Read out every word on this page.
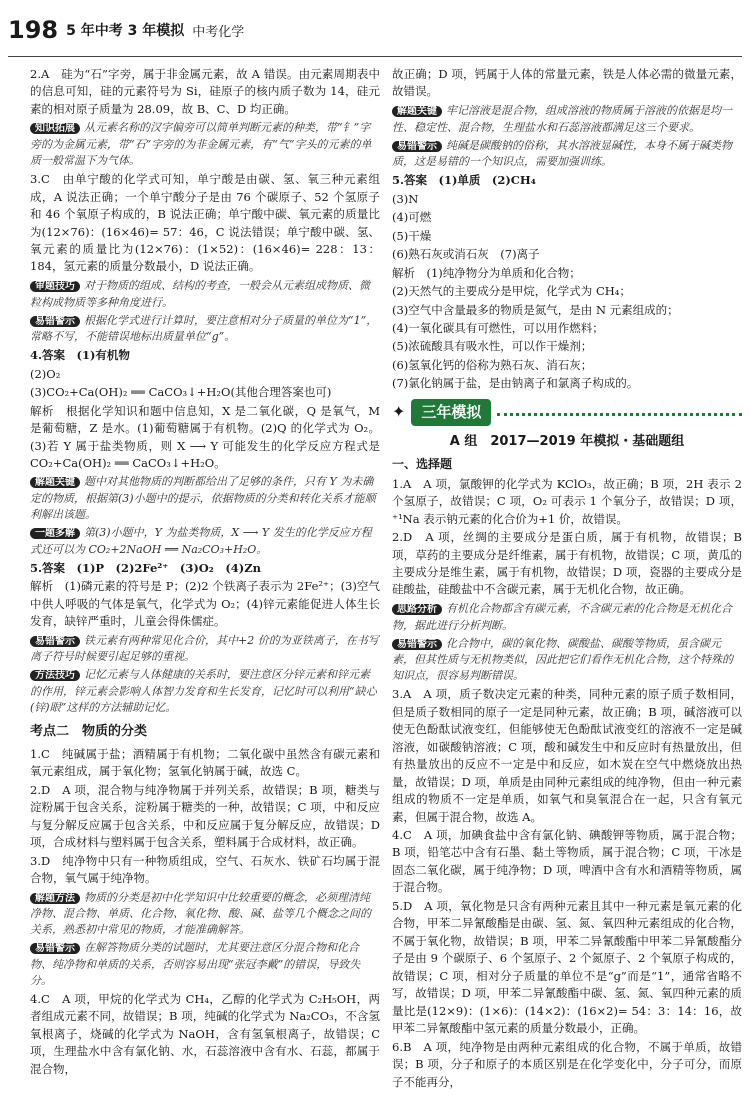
198 5 年中考 3 年模拟 中考化学

2.A　硅为“石”字旁，属于非金属元素，故 A 错误。由元素周期表中的信息可知，硅的元素符号为 Si，硅原子的核内质子数为 14，硅元素的相对原子质量为 28.09，故 B、C、D 均正确。

知识拓展 从元素名称的汉字偏旁可以简单判断元素的种类，带“钅”字旁的为金属元素，带“石”字旁的为非金属元素，有“气”字头的元素的单质一般常温下为气体。

3.C　由单宁酸的化学式可知，单宁酸是由碳、氢、氧三种元素组成，A 说法正确；一个单宁酸分子是由 76 个碳原子、52 个氢原子和 46 个氧原子构成的，B 说法正确；单宁酸中碳、氧元素的质量比为(12×76)：(16×46)= 57：46，C 说法错误；单宁酸中碳、氢、氧元素的质量比为(12×76)：(1×52)：(16×46)= 228：13：184，氢元素的质量分数最小，D 说法正确。

审题技巧 对于物质的组成、结构的考查，一般会从元素组成物质、微粒构成物质等多种角度进行。
易错警示 根据化学式进行计算时，要注意相对分子质量的单位为“1”，常略不写，不能错误地标出质量单位“g”。

4.答案　(1)有机物

(2)O₂

(3)CO₂+Ca(OH)₂ ══ CaCO₃↓+H₂O(其他合理答案也可)

解析　根据化学知识和题中信息知，X 是二氧化碳，Q 是氧气，M 是葡萄糖，Z 是水。(1)葡萄糖属于有机物。(2)Q 的化学式为 O₂。(3)若 Y 属于盐类物质，则 X ⟶ Y 可能发生的化学反应方程式是 CO₂+Ca(OH)₂ ══ CaCO₃↓+H₂O。

解题关键 题中对其他物质的判断都给出了足够的条件，只有 Y 为未确定的物质，根据第(3)小题中的提示，依据物质的分类和转化关系才能顺利解出该题。
一题多解 第(3)小题中，Y 为盐类物质，X ⟶ Y 发生的化学反应方程式还可以为 CO₂+2NaOH ══ Na₂CO₃+H₂O。

5.答案　(1)P　(2)2Fe²⁺　(3)O₂　(4)Zn

解析　(1)磷元素的符号是 P；(2)2 个铁离子表示为 2Fe²⁺；(3)空气中供人呼吸的气体是氧气，化学式为 O₂；(4)锌元素能促进人体生长发育，缺锌严重时，儿童会得侏儒症。

易错警示 铁元素有两种常见化合价，其中+2 价的为亚铁离子，在书写离子符号时候要引起足够的重视。
方法技巧 记忆元素与人体健康的关系时，要注意区分锌元素和锌元素的作用，锌元素会影响人体智力发育和生长发育，记忆时可以利用“缺心(锌)眼”这样的方法辅助记忆。
考点二　物质的分类

1.C　纯碱属于盐；酒精属于有机物；二氧化碳中虽然含有碳元素和氧元素组成，属于氧化物；氢氧化钠属于碱，故选 C。

2.D　A 项，混合物与纯净物属于并列关系，故错误；B 项，糖类与淀粉属于包含关系，淀粉属于糖类的一种，故错误；C 项，中和反应与复分解反应属于包含关系，中和反应属于复分解反应，故错误；D 项，合成材料与塑料属于包含关系，塑料属于合成材料，故正确。

3.D　纯净物中只有一种物质组成，空气、石灰水、铁矿石均属于混合物，氧气属于纯净物。

解题方法 物质的分类是初中化学知识中比较重要的概念，必须理清纯净物、混合物、单质、化合物、氧化物、酸、碱、盐等几个概念之间的关系，熟悉初中常见的物质，才能准确解答。
易错警示 在解答物质分类的试题时，尤其要注意区分混合物和化合物、纯净物和单质的关系，否则容易出现“张冠李戴”的错误，导致失分。

4.C　A 项，甲烷的化学式为 CH₄，乙醇的化学式为 C₂H₅OH，两者组成元素不同，故错误；B 项，纯碱的化学式为 Na₂CO₃，不含氢氧根离子，烧碱的化学式为 NaOH，含有氢氧根离子，故错误；C 项，生理盐水中含有氯化钠、水，石蕊溶液中含有水、石蕊，都属于混合物，

故正确；D 项，钙属于人体的常量元素，铁是人体必需的微量元素，故错误。

解题关键 牢记溶液是混合物，组成溶液的物质属于溶液的依据是均一性、稳定性、混合物，生理盐水和石蕊溶液都满足这三个要求。
易错警示 纯碱是碳酸钠的俗称，其水溶液显碱性，本身不属于碱类物质，这是易错的一个知识点，需要加强训练。

5.答案　(1)单质　(2)CH₄

(3)N

(4)可燃

(5)干燥

(6)熟石灰或消石灰　(7)离子

解析　(1)纯净物分为单质和化合物；

(2)天然气的主要成分是甲烷，化学式为 CH₄；

(3)空气中含量最多的物质是氮气，是由 N 元素组成的；

(4)一氧化碳具有可燃性，可以用作燃料；

(5)浓硫酸具有吸水性，可以作干燥剂；

(6)氢氧化钙的俗称为熟石灰、消石灰；

(7)氯化钠属于盐，是由钠离子和氯离子构成的。

✦	三年模拟
A 组　2017—2019 年模拟・基础题组
一、选择题

1.A　A 项，氯酸钾的化学式为 KClO₃，故正确；B 项，2H 表示 2 个氢原子，故错误；C 项，O₂ 可表示 1 个氧分子，故错误；D 项，⁺¹Na 表示钠元素的化合价为+1 价，故错误。

2.D　A 项，丝绸的主要成分是蛋白质，属于有机物，故错误；B 项，草药的主要成分是纤维素，属于有机物，故错误；C 项，黄瓜的主要成分是维生素，属于有机物，故错误；D 项，瓷器的主要成分是硅酸盐，硅酸盐中不含碳元素，属于无机化合物，故正确。

思路分析 有机化合物都含有碳元素，不含碳元素的化合物是无机化合物，据此进行分析判断。
易错警示 化合物中，碳的氧化物、碳酸盐、碳酸等物质，虽含碳元素，但其性质与无机物类似，因此把它们看作无机化合物，这个特殊的知识点，很容易判断错误。

3.A　A 项，质子数决定元素的种类，同种元素的原子质子数相同，但是质子数相同的原子一定是同种元素，故正确；B 项，碱溶液可以使无色酚酞试液变红，但能够使无色酚酞试液变红的溶液不一定是碱溶液，如碳酸钠溶液；C 项，酸和碱发生中和反应时有热量放出，但有热量放出的反应不一定是中和反应，如木炭在空气中燃烧放出热量，故错误；D 项，单质是由同种元素组成的纯净物，但由一种元素组成的物质不一定是单质，如氧气和臭氧混合在一起，只含有氧元素，但属于混合物，故选 A。

4.C　A 项，加碘食盐中含有氯化钠、碘酸钾等物质，属于混合物；B 项，铅笔芯中含有石墨、黏土等物质，属于混合物；C 项，干冰是固态二氧化碳，属于纯净物；D 项，啤酒中含有水和酒精等物质，属于混合物。

5.D　A 项，氧化物是只含有两种元素且其中一种元素是氧元素的化合物，甲苯二异氰酸酯是由碳、氢、氮、氧四种元素组成的化合物，不属于氧化物，故错误；B 项，甲苯二异氰酸酯中甲苯二异氰酸酯分子是由 9 个碳原子、6 个氢原子、2 个氮原子、2 个氧原子构成的，故错误；C 项，相对分子质量的单位不是“g”而是“1”，通常省略不写，故错误；D 项，甲苯二异氰酸酯中碳、氢、氮、氧四种元素的质量比是(12×9)：(1×6)：(14×2)：(16×2)= 54：3：14：16，故甲苯二异氰酸酯中氢元素的质量分数最小，正确。

6.B　A 项，纯净物是由两种元素组成的化合物，不属于单质，故错误；B 项，分子和原子的本质区别是在化学变化中，分子可分，而原子不能再分，
